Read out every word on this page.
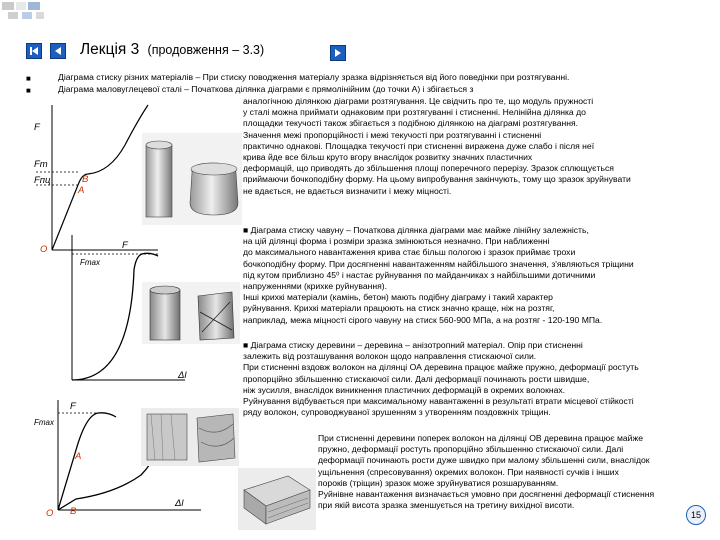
Лекція 3 (продовження – 3.3)
■	Діаграма стиску різних матеріалів – При стиску поводження матеріалу зразка відрізняється від його поведінки при розтягуванні.
■	Діаграма маловуглецевої сталі – Початкова ділянка діаграми є прямолінійним (до точки А) і збігається з
аналогічною ділянкою діаграми розтягування. Це свідчить про те, що модуль пружності
у сталі можна приймати однаковим при розтягуванні і стисненні. Нелінійна ділянка до
площадки текучості також збігається з подібною ділянкою на діаграмі розтягування.
Значення межі пропорційності і межі текучості при розтягуванні і стисненні
практично однакові. Площадка текучості при стисненні виражена дуже слабо і після неї
крива йде все більш круто вгору внаслідок розвитку значних пластичних
деформацій, що приводять до збільшення площі поперечного перерізу. Зразок сплющується
приймаючи бочкоподібну форму. На цьому випробування закінчують, тому що зразок зруйнувати
не вдається, не вдається визначити і межу міцності.
F
Fт
Fпц	B
A
O
■ Діаграма стиску чавуну – Початкова ділянка діаграми має майже лінійну залежність,
на цій ділянці форма і розміри зразка змінюються незначно. При наближенні
до максимального навантаження крива стає більш пологою і зразок приймає трохи
бочкоподібну форму. При досягненні навантаженням найбільшого значення, з'являються тріщини
під кутом приблизно 45⁰ і настає руйнування по майданчиках з найбільшими дотичними
напруженнями (крихке руйнування).
Інші крихкі матеріали (камінь, бетон) мають подібну діаграму і такий характер
руйнування. Крихкі матеріали працюють на стиск значно краще, ніж на розтяг,
наприклад, межа міцності сірого чавуну на стиск 560-900 МПа, а на розтяг - 120-190 МПа.
F
Fmax
Δl
■ Діаграма стиску деревини – деревина – анізотропний матеріал. Опір при стисненні
залежить від розташування волокон щодо направлення стискаючої сили.
При стисненні вздовж волокон на ділянці ОА деревина працює майже пружно, деформації ростуть
пропорційно збільшенню стискаючої сили. Далі деформації починають рости швидше,
ніж зусилля, внаслідок виникнення пластичних деформацій в окремих волокнах.
Руйнування відбувається при максимальному навантаженні в результаті втрати місцевої стійкості
ряду волокон, супроводжуваної зрушенням з утворенням поздовжніх тріщин.
F
Fmax
A
O B
Δl
При стисненні деревини поперек волокон на ділянці ОВ деревина працює майже
пружно, деформації ростуть пропорційно збільшенню стискаючої сили. Далі
деформації починають рости дуже швидко при малому збільшенні сили, внаслідок
ущільнення (спресовування) окремих волокон. При наявності сучків і інших
пороків (тріщин) зразок може зруйнуватися розшаруванням.
Руйнівне навантаження визначається умовно при досягненні деформації стиснення
при якій висота зразка зменшується на третину вихідної висоти.
15
